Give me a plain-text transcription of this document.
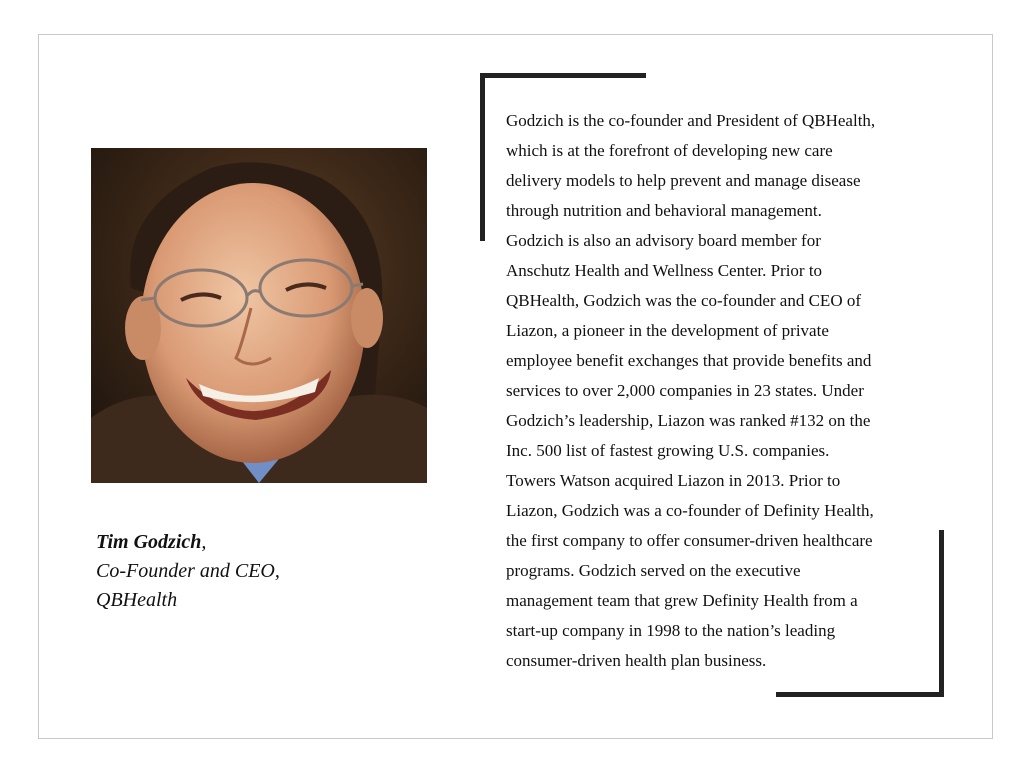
Tim Godzich,
Co-Founder and CEO,
QBHealth

Godzich is the co-founder and President of QBHealth,
which is at the forefront of developing new care
delivery models to help prevent and manage disease
through nutrition and behavioral management.
Godzich is also an advisory board member for
Anschutz Health and Wellness Center. Prior to
QBHealth, Godzich was the co-founder and CEO of
Liazon, a pioneer in the development of private
employee benefit exchanges that provide benefits and
services to over 2,000 companies in 23 states. Under
Godzich’s leadership, Liazon was ranked #132 on the
Inc. 500 list of fastest growing U.S. companies.
Towers Watson acquired Liazon in 2013. Prior to
Liazon, Godzich was a co-founder of Definity Health,
the first company to offer consumer-driven healthcare
programs. Godzich served on the executive
management team that grew Definity Health from a
start-up company in 1998 to the nation’s leading
consumer-driven health plan business.
